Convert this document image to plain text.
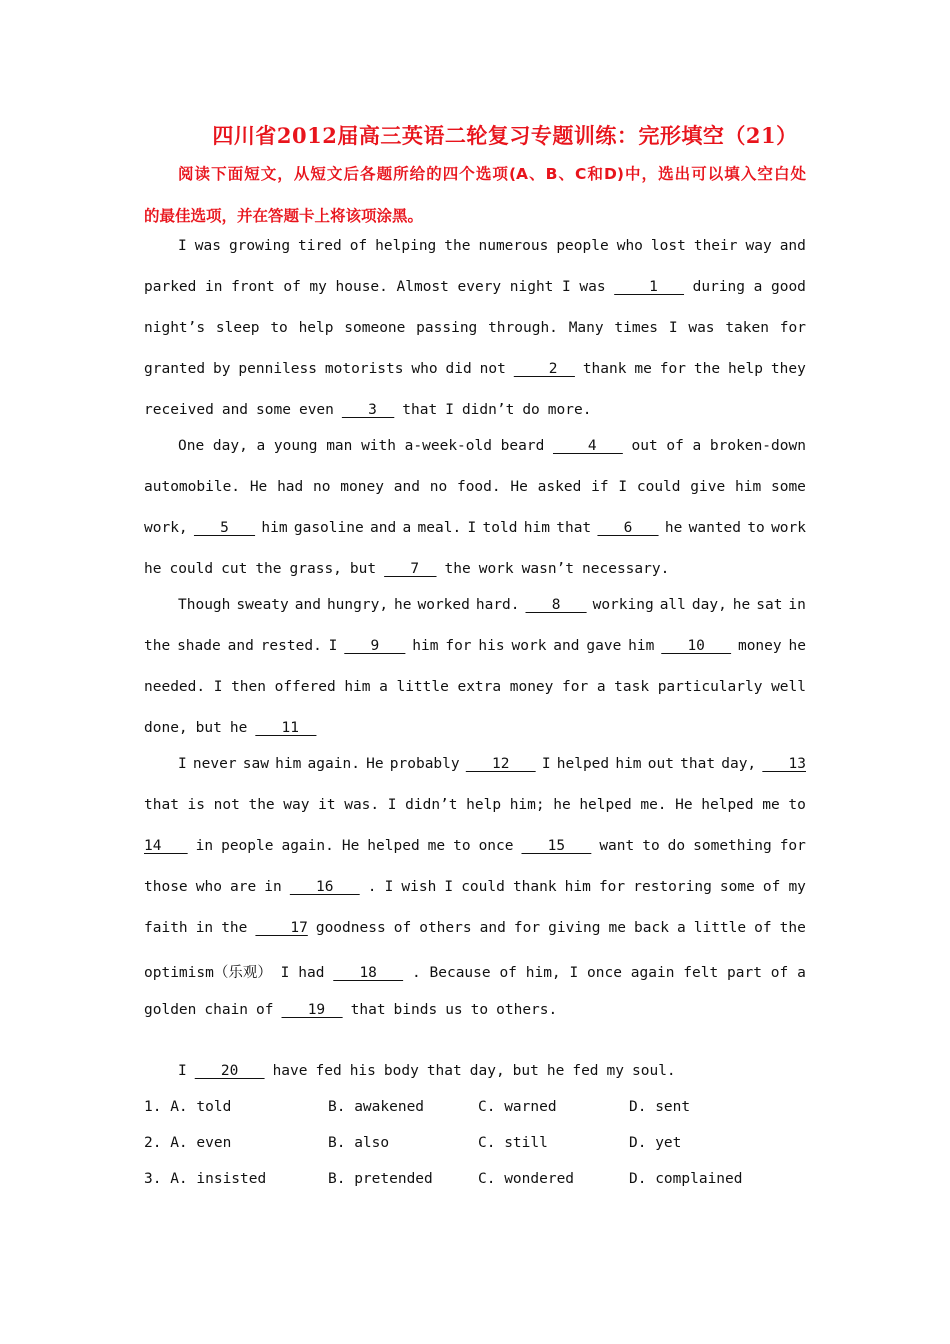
四川省2012届高三英语二轮复习专题训练：完形填空（21）
阅读下面短文，从短文后各题所给的四个选项(A、B、C和D)中，选出可以填入空白处
的最佳选项，并在答题卡上将该项涂黑。
I was growing tired of helping the numerous people who lost their way and
parked in front of my house. Almost every night I was 1 during a good
night’s sleep to help someone passing through. Many times I was taken for
granted by penniless motorists who did not 2 thank me for the help they
received and some even 3 that I didn’t do more.
One day, a young man with a-week-old beard 4 out of a broken-down
automobile. He had no money and no food. He asked if I could give him some
work, 5 him gasoline and a meal. I told him that 6 he wanted to work
he could cut the grass, but 7 the work wasn’t necessary.
Though sweaty and hungry, he worked hard. 8 working all day, he sat in
the shade and rested. I 9 him for his work and gave him 10 money he
needed. I then offered him a little extra money for a task particularly well
done, but he 11
I never saw him again. He probably 12 I helped him out that day, 13
that is not the way it was. I didn’t help him; he helped me. He helped me to
14 in people again. He helped me to once 15 want to do something for
those who are in 16 . I wish I could thank him for restoring some of my
faith in the 17 goodness of others and for giving me back a little of the
optimism（乐观） I had 18 . Because of him, I once again felt part of a
golden chain of 19 that binds us to others.
I 20 have fed his body that day, but he fed my soul.
1. A. told	B. awakened	C. warned	D. sent
2. A. even	B. also	C. still	D. yet
3. A. insisted	B. pretended	C. wondered	D. complained
